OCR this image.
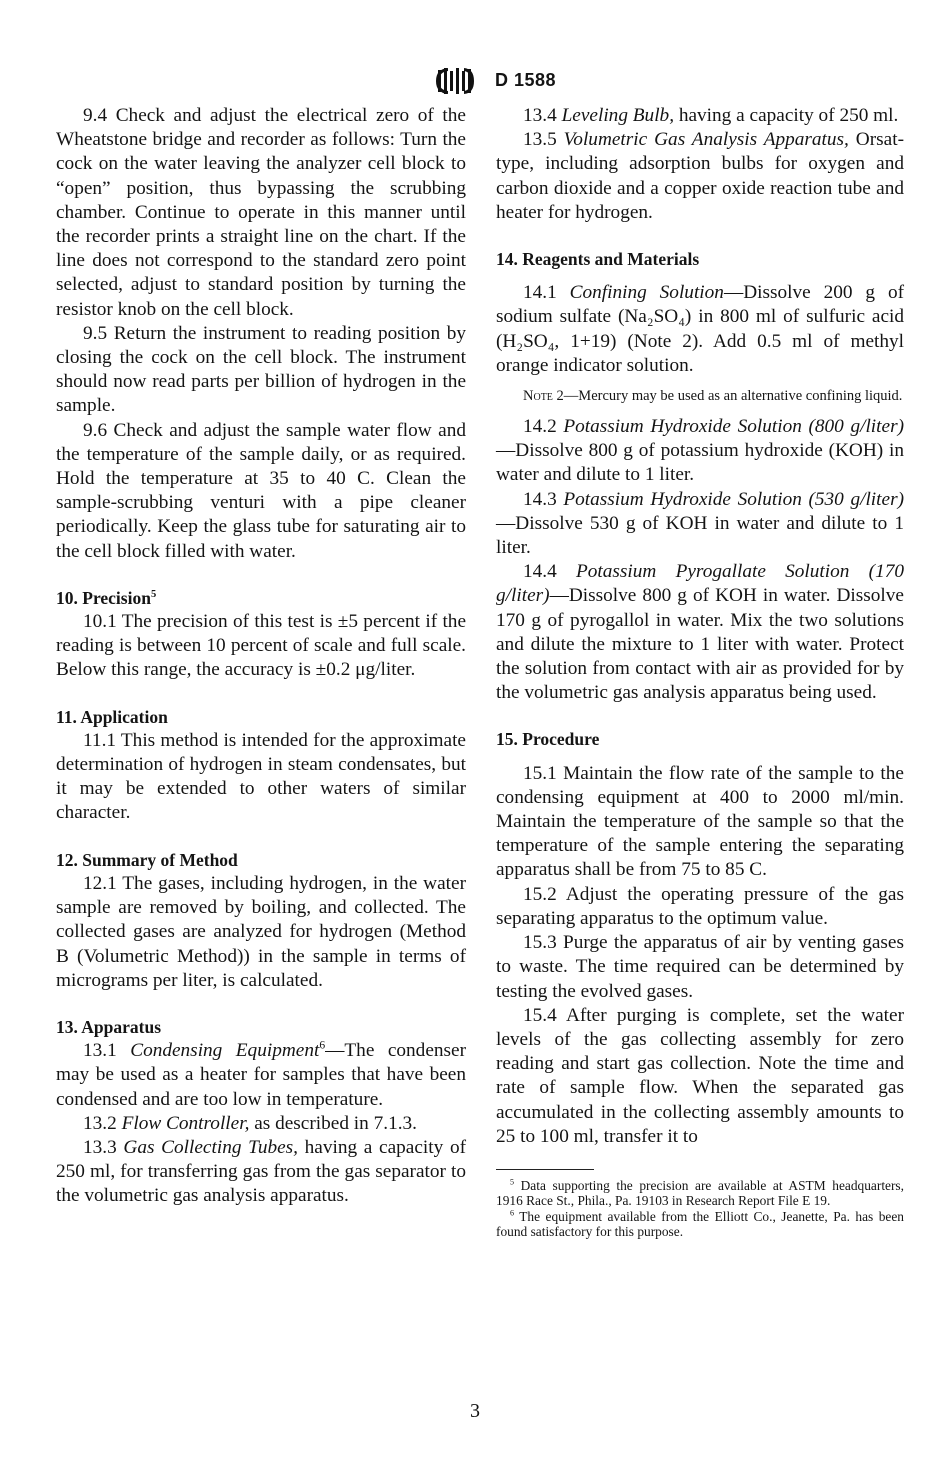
D 1588

9.4 Check and adjust the electrical zero of the Wheatstone bridge and recorder as follows: Turn the cock on the water leaving the analyzer cell block to “open” position, thus bypassing the scrubbing chamber. Continue to operate in this manner until the recorder prints a straight line on the chart. If the line does not correspond to the standard zero point selected, adjust to standard position by turning the resistor knob on the cell block.

9.5 Return the instrument to reading position by closing the cock on the cell block. The instrument should now read parts per billion of hydrogen in the sample.

9.6 Check and adjust the sample water flow and the temperature of the sample daily, or as required. Hold the temperature at 35 to 40 C. Clean the sample-scrubbing venturi with a pipe cleaner periodically. Keep the glass tube for saturating air to the cell block filled with water.

10. Precision$^5$

10.1 The precision of this test is ±5 percent if the reading is between 10 percent of scale and full scale. Below this range, the accuracy is ±0.2 μg/liter.

11. Application

11.1 This method is intended for the approximate determination of hydrogen in steam condensates, but it may be extended to other waters of similar character.

12. Summary of Method

12.1 The gases, including hydrogen, in the water sample are removed by boiling, and collected. The collected gases are analyzed for hydrogen (Method B (Volumetric Method)) in the sample in terms of micrograms per liter, is calculated.

13. Apparatus

13.1 Condensing Equipment$^6$—The condenser may be used as a heater for samples that have been condensed and are too low in temperature.

13.2 Flow Controller, as described in 7.1.3.

13.3 Gas Collecting Tubes, having a capacity of 250 ml, for transferring gas from the gas separator to the volumetric gas analysis apparatus.

13.4 Leveling Bulb, having a capacity of 250 ml.

13.5 Volumetric Gas Analysis Apparatus, Orsat-type, including adsorption bulbs for oxygen and carbon dioxide and a copper oxide reaction tube and heater for hydrogen.

14. Reagents and Materials

14.1 Confining Solution—Dissolve 200 g of sodium sulfate (Na₂SO₄) in 800 ml of sulfuric acid (H₂SO₄, 1+19) (Note 2). Add 0.5 ml of methyl orange indicator solution.

Note 2—Mercury may be used as an alternative confining liquid.

14.2 Potassium Hydroxide Solution (800 g/liter)—Dissolve 800 g of potassium hydroxide (KOH) in water and dilute to 1 liter.

14.3 Potassium Hydroxide Solution (530 g/liter)—Dissolve 530 g of KOH in water and dilute to 1 liter.

14.4 Potassium Pyrogallate Solution (170 g/liter)—Dissolve 800 g of KOH in water. Dissolve 170 g of pyrogallol in water. Mix the two solutions and dilute the mixture to 1 liter with water. Protect the solution from contact with air as provided for by the volumetric gas analysis apparatus being used.

15. Procedure

15.1 Maintain the flow rate of the sample to the condensing equipment at 400 to 2000 ml/min. Maintain the temperature of the sample so that the temperature of the sample entering the separating apparatus shall be from 75 to 85 C.

15.2 Adjust the operating pressure of the gas separating apparatus to the optimum value.

15.3 Purge the apparatus of air by venting gases to waste. The time required can be determined by testing the evolved gases.

15.4 After purging is complete, set the water levels of the gas collecting assembly for zero reading and start gas collection. Note the time and rate of sample flow. When the separated gas accumulated in the collecting assembly amounts to 25 to 100 ml, transfer it to

$^5$ Data supporting the precision are available at ASTM headquarters, 1916 Race St., Phila., Pa. 19103 in Research Report File E 19.

$^6$ The equipment available from the Elliott Co., Jeanette, Pa. has been found satisfactory for this purpose.

3
